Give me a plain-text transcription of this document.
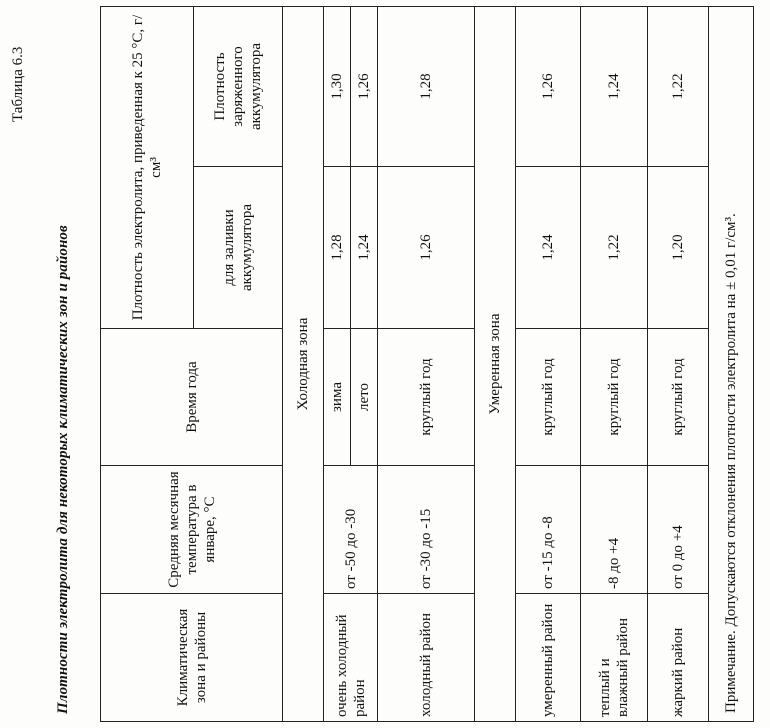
Таблица 6.3
Плотности электролита для некоторых климатических зон и районов	Климатическая зона и районы	Средняя месячная температура в январе, °С	Время года	Плотность электролита, приведенная к 25 °С, г/см³	
			для заливки аккумулятора	Плотность заряженного аккумулятора
Холодная зона				
очень холодный район	от -50 до -30	зима	1,28	1,30
		лето	1,24	1,26
холодный район	от -30 до -15	круглый год	1,26	1,28
Умеренная зона				
умеренный район	от -15 до -8	круглый год	1,24	1,26
теплый и влажный район	-8 до +4	круглый год	1,22	1,24
жаркий район	от 0 до +4	круглый год	1,20	1,22
Примечание. Допускаются отклонения плотности электролита на ± 0,01 г/см³.				
